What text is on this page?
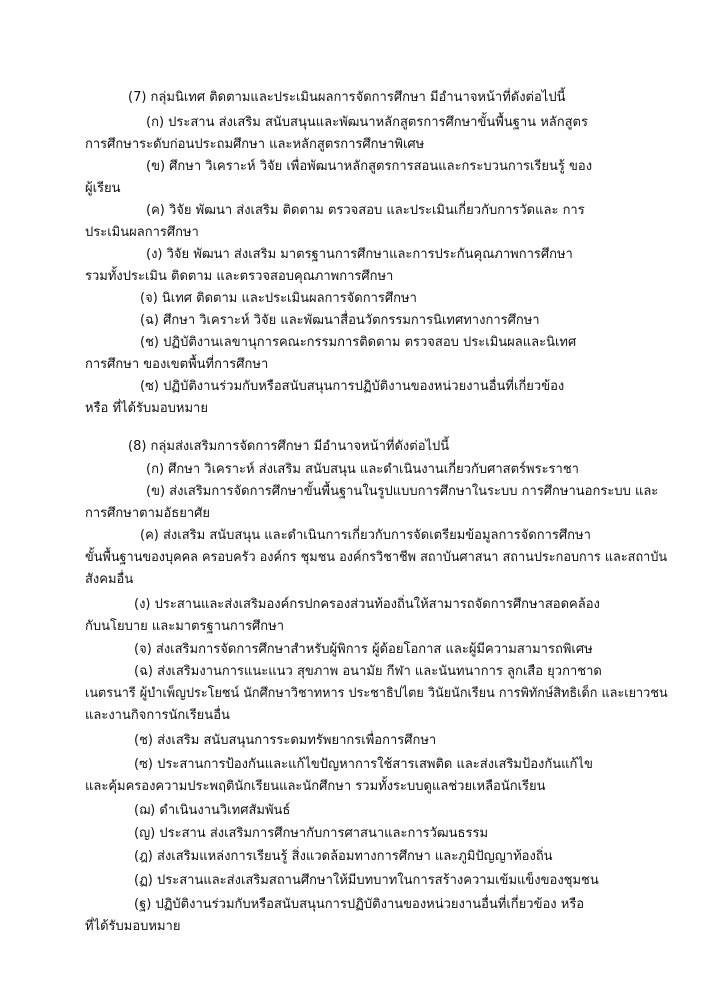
(7) กลุ่มนิเทศ ติดตามและประเมินผลการจัดการศึกษา มีอำนาจหน้าที่ดังต่อไปนี้
(ก) ประสาน ส่งเสริม สนับสนุนและพัฒนาหลักสูตรการศึกษาขั้นพื้นฐาน หลักสูตร
การศึกษาระดับก่อนประถมศึกษา และหลักสูตรการศึกษาพิเศษ
(ข) ศึกษา วิเคราะห์ วิจัย เพื่อพัฒนาหลักสูตรการสอนและกระบวนการเรียนรู้ ของ
ผู้เรียน
(ค) วิจัย พัฒนา ส่งเสริม ติดตาม ตรวจสอบ และประเมินเกี่ยวกับการวัดและ การ
ประเมินผลการศึกษา
(ง) วิจัย พัฒนา ส่งเสริม มาตรฐานการศึกษาและการประกันคุณภาพการศึกษา
รวมทั้งประเมิน ติดตาม และตรวจสอบคุณภาพการศึกษา
(จ) นิเทศ ติดตาม และประเมินผลการจัดการศึกษา
(ฉ) ศึกษา วิเคราะห์ วิจัย และพัฒนาสื่อนวัตกรรมการนิเทศทางการศึกษา
(ช) ปฏิบัติงานเลขานุการคณะกรรมการติดตาม ตรวจสอบ ประเมินผลและนิเทศ
การศึกษา ของเขตพื้นที่การศึกษา
(ซ) ปฏิบัติงานร่วมกับหรือสนับสนุนการปฏิบัติงานของหน่วยงานอื่นที่เกี่ยวข้อง
หรือ ที่ได้รับมอบหมาย
(8) กลุ่มส่งเสริมการจัดการศึกษา มีอำนาจหน้าที่ดังต่อไปนี้
(ก) ศึกษา วิเคราะห์ ส่งเสริม สนับสนุน และดำเนินงานเกี่ยวกับศาสตร์พระราชา
(ข) ส่งเสริมการจัดการศึกษาขั้นพื้นฐานในรูปแบบการศึกษาในระบบ การศึกษานอกระบบ และ
การศึกษาตามอัธยาศัย
(ค) ส่งเสริม สนับสนุน และดำเนินการเกี่ยวกับการจัดเตรียมข้อมูลการจัดการศึกษา
ขั้นพื้นฐานของบุคคล ครอบครัว องค์กร ชุมชน องค์กรวิชาชีพ สถาบันศาสนา สถานประกอบการ และสถาบัน
สังคมอื่น
(ง) ประสานและส่งเสริมองค์กรปกครองส่วนท้องถิ่นให้สามารถจัดการศึกษาสอดคล้อง
กับนโยบาย และมาตรฐานการศึกษา
(จ) ส่งเสริมการจัดการศึกษาสำหรับผู้พิการ ผู้ด้อยโอกาส และผู้มีความสามารถพิเศษ
(ฉ) ส่งเสริมงานการแนะแนว สุขภาพ อนามัย กีฬา และนันทนาการ ลูกเสือ ยุวกาชาด
เนตรนารี ผู้บำเพ็ญประโยชน์ นักศึกษาวิชาทหาร ประชาธิปไตย วินัยนักเรียน การพิทักษ์สิทธิเด็ก และเยาวชน
และงานกิจการนักเรียนอื่น
(ช) ส่งเสริม สนับสนุนการระดมทรัพยากรเพื่อการศึกษา
(ซ) ประสานการป้องกันและแก้ไขปัญหาการใช้สารเสพติด และส่งเสริมป้องกันแก้ไข
และคุ้มครองความประพฤตินักเรียนและนักศึกษา รวมทั้งระบบดูแลช่วยเหลือนักเรียน
(ฌ) ดำเนินงานวิเทศสัมพันธ์
(ญ) ประสาน ส่งเสริมการศึกษากับการศาสนาและการวัฒนธรรม
(ฎ) ส่งเสริมแหล่งการเรียนรู้ สิ่งแวดล้อมทางการศึกษา และภูมิปัญญาท้องถิ่น
(ฏ) ประสานและส่งเสริมสถานศึกษาให้มีบทบาทในการสร้างความเข้มแข็งของชุมชน
(ฐ) ปฏิบัติงานร่วมกับหรือสนับสนุนการปฏิบัติงานของหน่วยงานอื่นที่เกี่ยวข้อง หรือ
ที่ได้รับมอบหมาย
